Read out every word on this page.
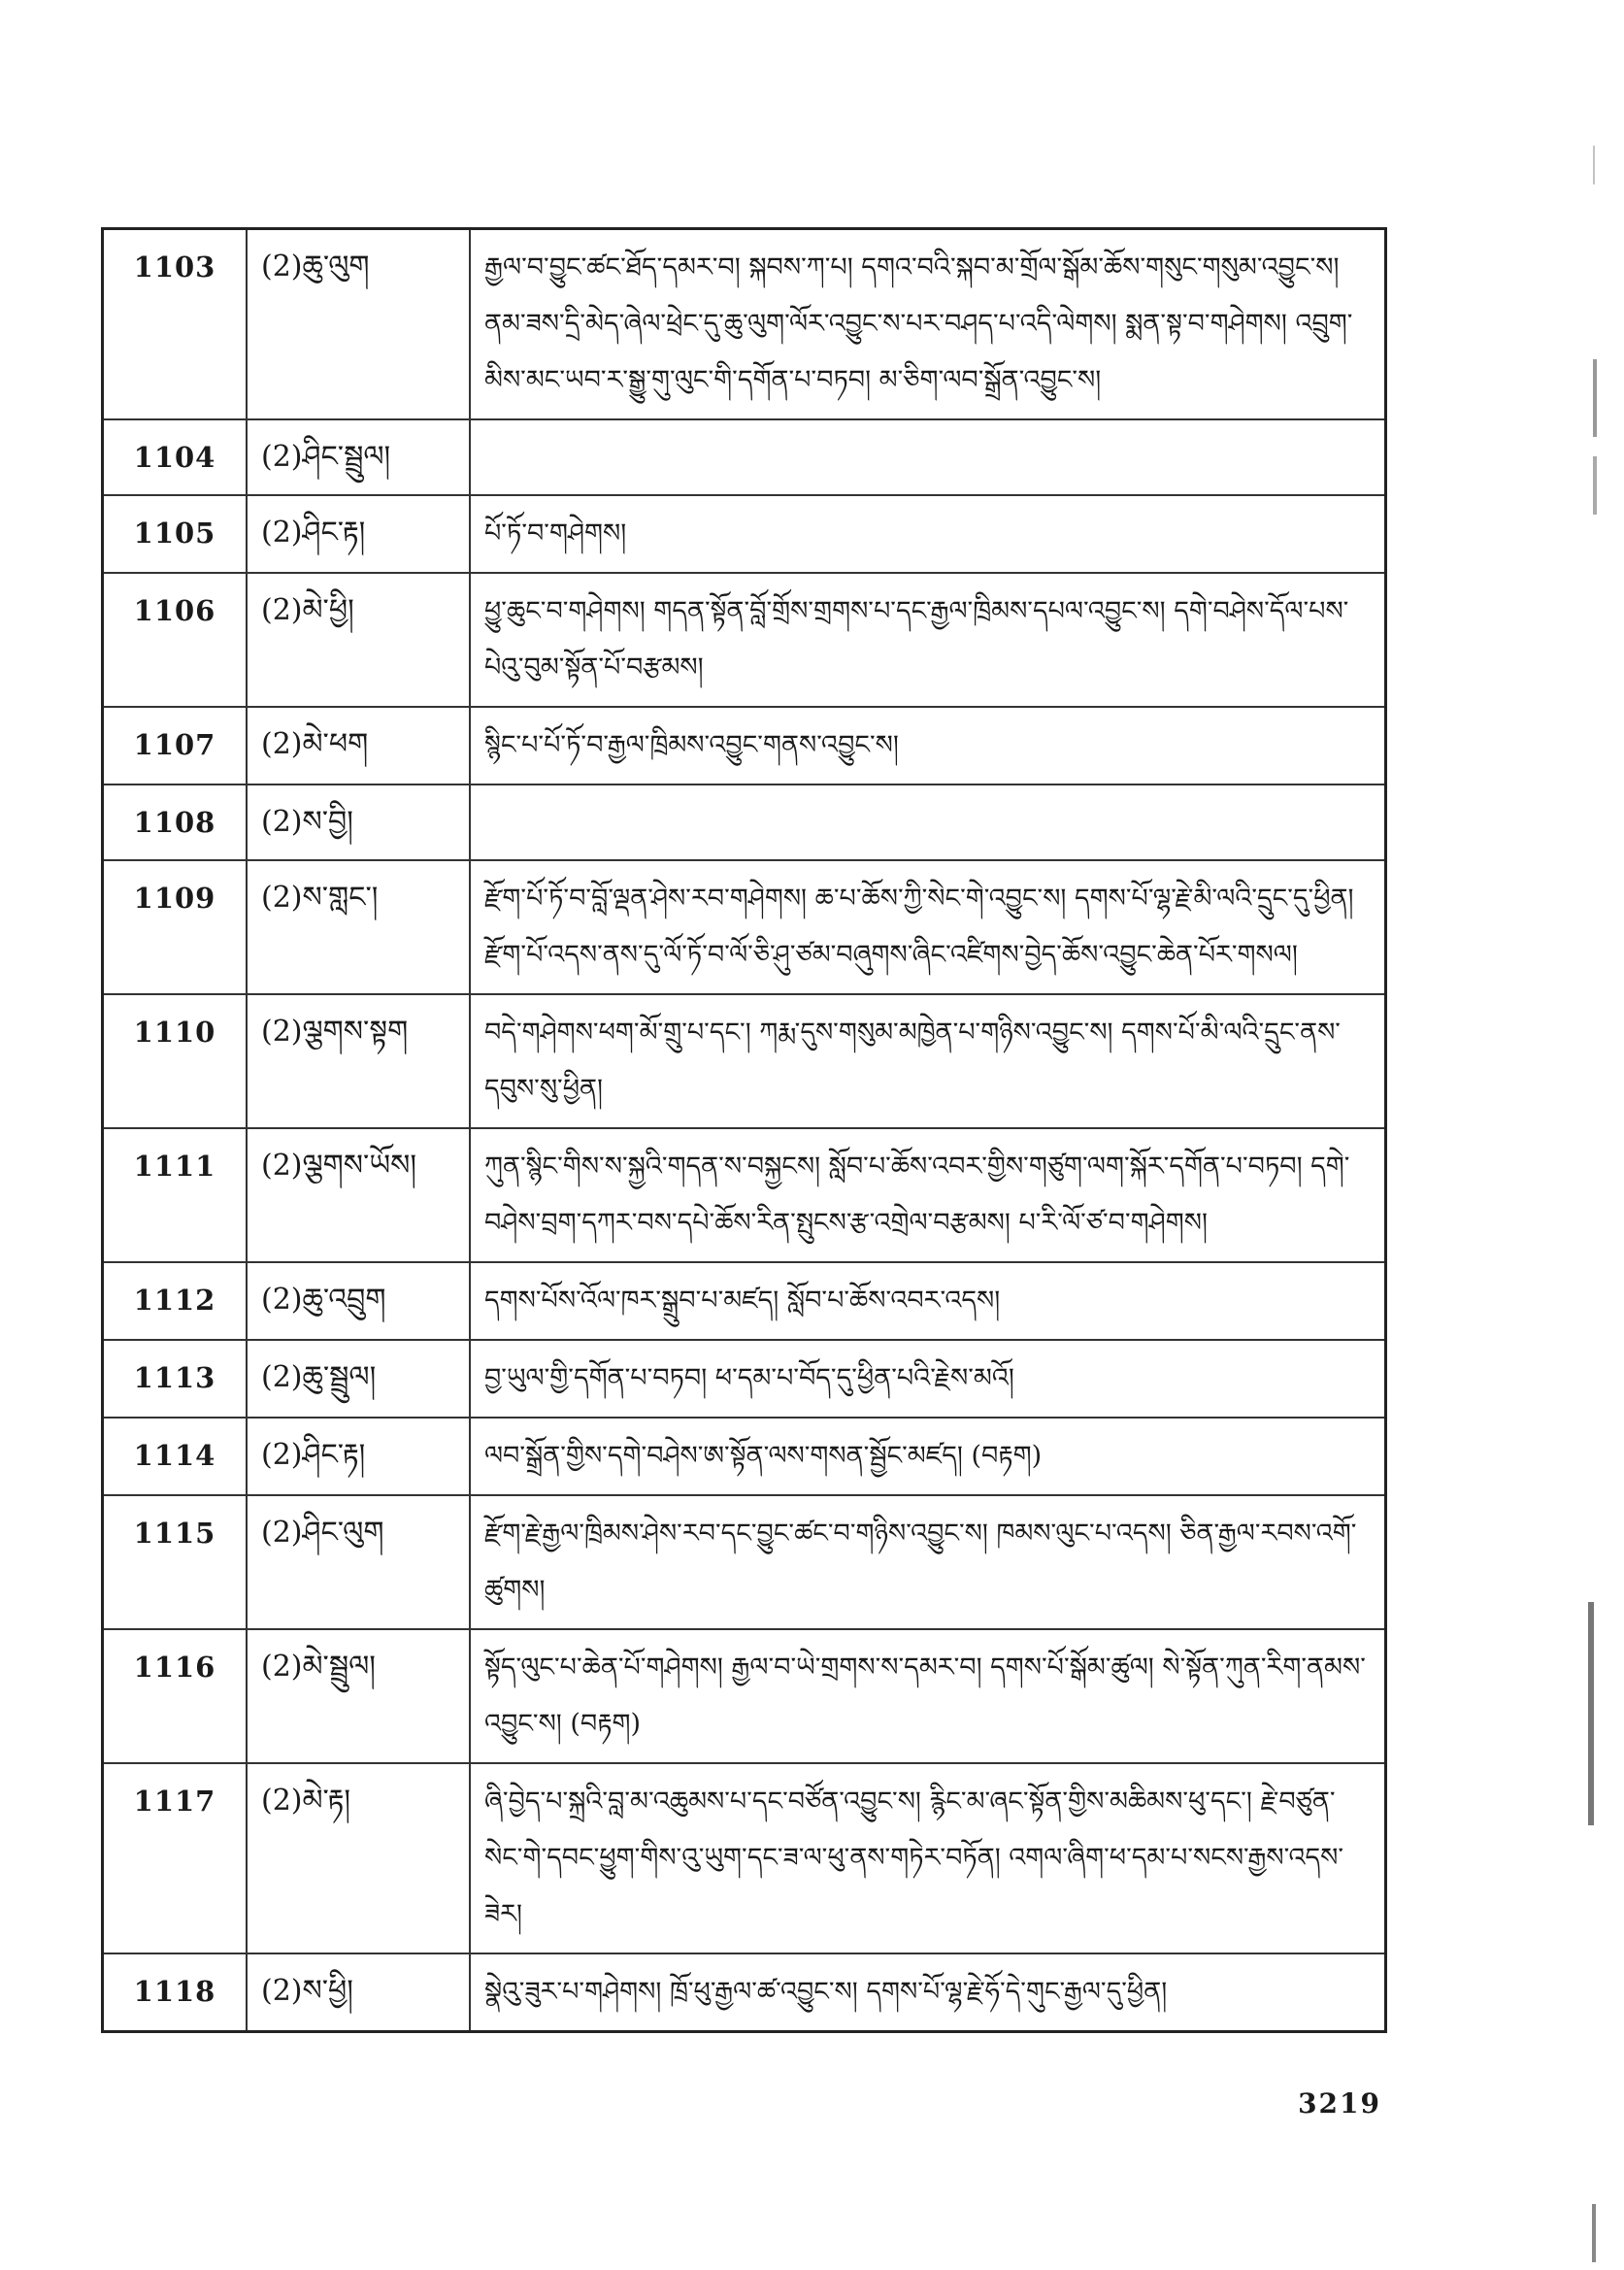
1103	(2)ཆུ་ལུག	རྒྱལ་བ་བྱུང་ཚང་ཐོད་དམར་བ། སྐབས་ཀ་པ། དགའ་བའི་སྐབ་མ་གྲོལ་སྒོམ་ཆོས་གསུང་གསུམ་འབྱུང་ས། ནམ་ཟས་དྲི་མེད་ཞེལ་ཕྲེང་དུ་ཆུ་ལུག་ལོར་འབྱུང་ས་པར་བཤད་པ་འདི་ལེགས། སྨན་སྟ་བ་གཤེགས། འབྲུག་མིས་མང་ཡབ་ར་སྒྱུ་གུ་ལུང་གི་དགོན་པ་བཏབ། མ་ཅིག་ལབ་སྒྲོན་འབྱུང་ས།
1104	(2)ཤིང་སྦྲུལ།	
1105	(2)ཤིང་རྟ།	པོ་ཏོ་བ་གཤེགས།
1106	(2)མེ་ཕྱི།	ཕྱུ་ཆུང་བ་གཤེགས། གདན་སྟོན་བློ་གྲོས་གྲགས་པ་དང་རྒྱལ་ཁྲིམས་དཔལ་འབྱུང་ས། དགེ་བཤེས་དོལ་པས་པེའུ་བུམ་སྟོན་པོ་བརྩམས།
1107	(2)མེ་ཕག	སྙིང་པ་པོ་ཏོ་བ་རྒྱལ་ཁྲིམས་འབྱུང་གནས་འབྱུང་ས།
1108	(2)ས་བྱི།	
1109	(2)ས་གླང་།	རྫོག་པོ་ཏོ་བ་བློ་ལྡན་ཤེས་རབ་གཤེགས། ཆ་པ་ཆོས་ཀྱི་སེང་གེ་འབྱུང་ས། དགས་པོ་ལྷ་རྗེ་མི་ལའི་དྲུང་དུ་ཕྱིན། རྫོག་པོ་འདས་ནས་དུ་ལོ་ཏོ་བ་ལོ་ཅི་ཤུ་ཙམ་བཞུགས་ཞིང་འཛིགས་བྱེད་ཆོས་འབྱུང་ཆེན་པོར་གསལ།
1110	(2)ལྕགས་སྟག	བདེ་གཤེགས་ཕག་མོ་གྲུ་པ་དང་། ཀརྨ་དུས་གསུམ་མཁྱེན་པ་གཉིས་འབྱུང་ས། དགས་པོ་མི་ལའི་དྲུང་ནས་དབུས་སུ་ཕྱིན།
1111	(2)ལྕགས་ཡོས།	ཀུན་སྙིང་གིས་ས་སྐྱའི་གདན་ས་བསྐྱངས། སློབ་པ་ཆོས་འབར་གྱིས་གཙུག་ལག་སྐོར་དགོན་པ་བཏབ། དགེ་བཤེས་བྲག་དཀར་བས་དཔེ་ཆོས་རིན་སྤུངས་རྩ་འགྲེལ་བརྩམས། པ་རི་ལོ་ཙ་བ་གཤེགས།
1112	(2)ཆུ་འབྲུག	དགས་པོས་འོལ་ཁར་སྒྲུབ་པ་མཛད། སློབ་པ་ཆོས་འབར་འདས།
1113	(2)ཆུ་སྦྲུལ།	བྱ་ཡུལ་གྱི་དགོན་པ་བཏབ། ཕ་དམ་པ་བོད་དུ་ཕྱིན་པའི་རྗེས་མའོ།
1114	(2)ཤིང་རྟ།	ལབ་སྒྲོན་གྱིས་དགེ་བཤེས་ཨ་སྟོན་ལས་གསན་སྦྱོང་མཛད། (བརྟག)
1115	(2)ཤིང་ལུག	རྫོག་རྗེ་རྒྱལ་ཁྲིམས་ཤེས་རབ་དང་བྱུང་ཚང་བ་གཉིས་འབྱུང་ས། ཁམས་ལུང་པ་འདས། ཅིན་རྒྱལ་རབས་འགོ་ཚུགས།
1116	(2)མེ་སྦྲུལ།	སྟོད་ལུང་པ་ཆེན་པོ་གཤེགས། རྒྱལ་བ་ཡེ་གྲགས་ས་དམར་བ། དགས་པོ་སྒོམ་ཚུལ། སེ་སྟོན་ཀུན་རིག་ནམས་འབྱུང་ས། (བརྟག)
1117	(2)མེ་རྟ།	ཞི་བྱེད་པ་སྐྲའི་བླ་མ་འཆུམས་པ་དང་བཙོན་འབྱུང་ས། རྙིང་མ་ཞང་སྟོན་གྱིས་མཆིམས་ཕུ་དང་། རྗེ་བཙུན་སེང་གེ་དབང་ཕྱུག་གིས་འུ་ཡུག་དང་ཟ་ལ་ཕུ་ནས་གཏེར་བཏོན། འགལ་ཞིག་ཕ་དམ་པ་སངས་རྒྱས་འདས་ཟེར།
1118	(2)ས་ཕྱི།	སྣེའུ་ཟུར་པ་གཤེགས། ཁྲོ་ཕུ་རྒྱལ་ཚ་འབྱུང་ས། དགས་པོ་ལྷ་རྗེ་ཧོ་དེ་གུང་རྒྱལ་དུ་ཕྱིན།
3219
